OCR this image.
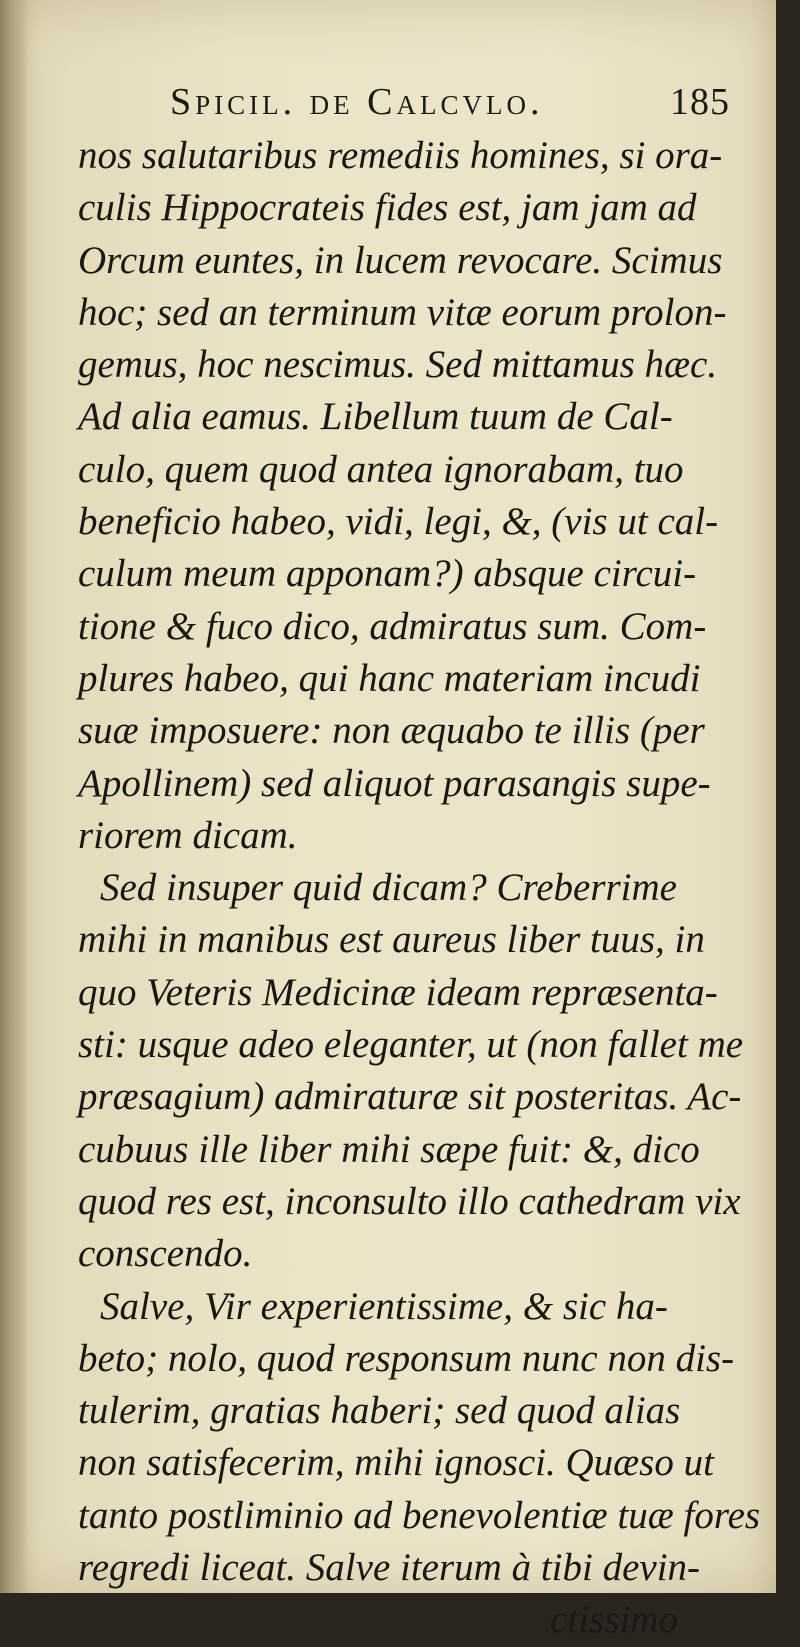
Spicil. de Calcvlo.	185
nos salutaribus remediis homines, si ora-
culis Hippocrateis fides est, jam jam ad
Orcum euntes, in lucem revocare. Scimus
hoc; sed an terminum vitæ eorum prolon-
gemus, hoc nescimus. Sed mittamus hæc.
Ad alia eamus. Libellum tuum de Cal-
culo, quem quod antea ignorabam, tuo
beneficio habeo, vidi, legi, &, (vis ut cal-
culum meum apponam?) absque circui-
tione & fuco dico, admiratus sum. Com-
plures habeo, qui hanc materiam incudi
suæ imposuere: non æquabo te illis (per
Apollinem) sed aliquot parasangis supe-
riorem dicam.
Sed insuper quid dicam? Creberrime
mihi in manibus est aureus liber tuus, in
quo Veteris Medicinæ ideam repræsenta-
sti: usque adeo eleganter, ut (non fallet me
præsagium) admiraturæ sit posteritas. Ac-
cubuus ille liber mihi sæpe fuit: &, dico
quod res est, inconsulto illo cathedram vix
conscendo.
Salve, Vir experientissime, & sic ha-
beto; nolo, quod responsum nunc non dis-
tulerim, gratias haberi; sed quod alias
non satisfecerim, mihi ignosci. Quæso ut
tanto postliminio ad benevolentiæ tuæ fores
regredi liceat. Salve iterum à tibi devin-
ctissimo
